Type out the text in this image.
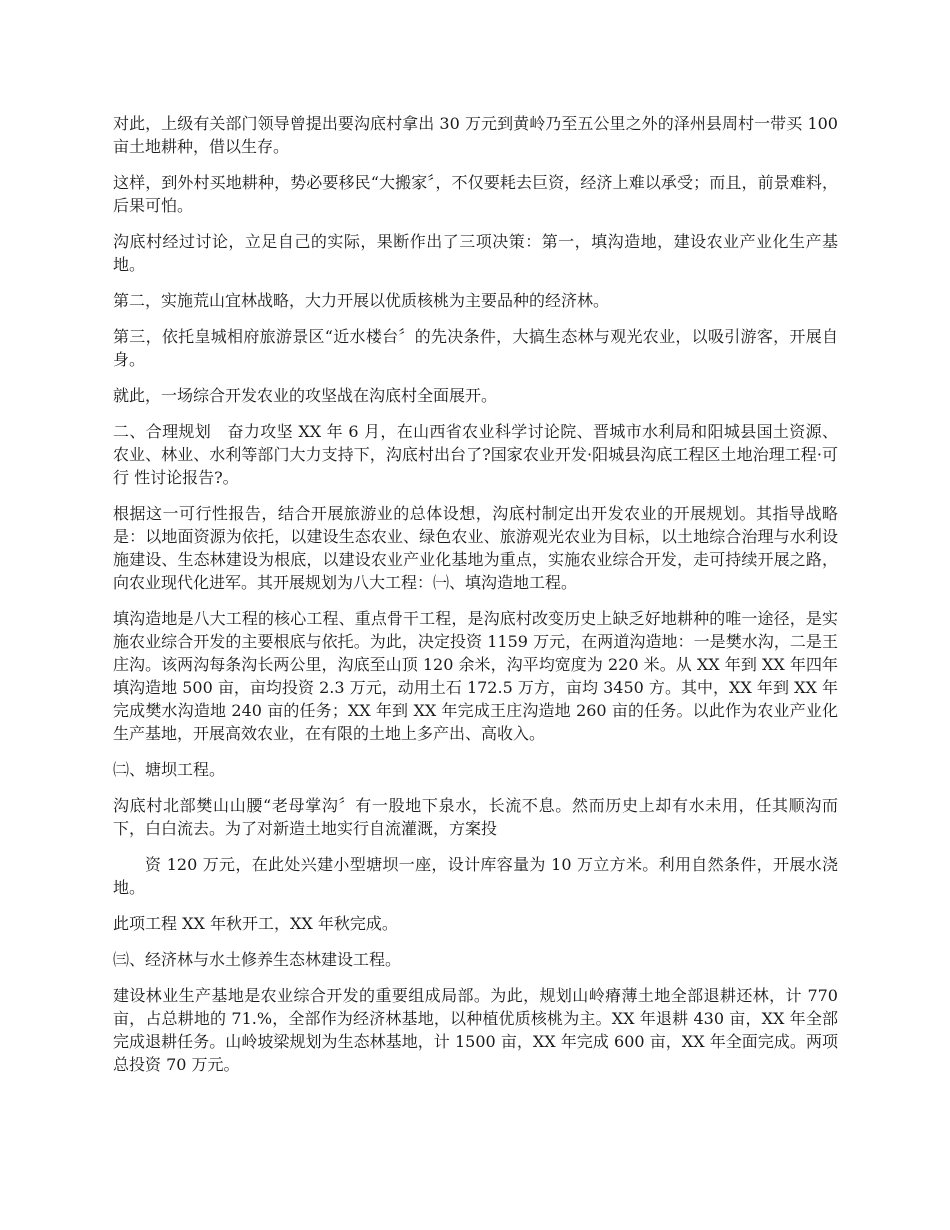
对此，上级有关部门领导曾提出要沟底村拿出 30 万元到黄岭乃至五公里之外的泽州县周村一带买 100 亩土地耕种，借以生存。

这样，到外村买地耕种，势必要移民“大搬家〞，不仅要耗去巨资，经济上难以承受；而且，前景难料，后果可怕。

沟底村经过讨论，立足自己的实际，果断作出了三项决策：第一，填沟造地，建设农业产业化生产基地。

第二，实施荒山宜林战略，大力开展以优质核桃为主要品种的经济林。

第三，依托皇城相府旅游景区“近水楼台〞的先决条件，大搞生态林与观光农业，以吸引游客，开展自身。

就此，一场综合开发农业的攻坚战在沟底村全面展开。

二、合理规划　奋力攻坚 XX 年 6 月，在山西省农业科学讨论院、晋城市水利局和阳城县国土资源、农业、林业、水利等部门大力支持下，沟底村出台了?国家农业开发·阳城县沟底工程区土地治理工程·可行 性讨论报告?。

根据这一可行性报告，结合开展旅游业的总体设想，沟底村制定出开发农业的开展规划。其指导战略是：以地面资源为依托，以建设生态农业、绿色农业、旅游观光农业为目标，以土地综合治理与水利设施建设、生态林建设为根底，以建设农业产业化基地为重点，实施农业综合开发，走可持续开展之路，向农业现代化进军。其开展规划为八大工程：㈠、填沟造地工程。

填沟造地是八大工程的核心工程、重点骨干工程，是沟底村改变历史上缺乏好地耕种的唯一途径，是实施农业综合开发的主要根底与依托。为此，决定投资 1159 万元，在两道沟造地：一是樊水沟，二是王庄沟。该两沟每条沟长两公里，沟底至山顶 120 余米，沟平均宽度为 220 米。从 XX 年到 XX 年四年填沟造地 500 亩，亩均投资 2.3 万元，动用土石 172.5 万方，亩均 3450 方。其中，XX 年到 XX 年完成樊水沟造地 240 亩的任务；XX 年到 XX 年完成王庄沟造地 260 亩的任务。以此作为农业产业化生产基地，开展高效农业，在有限的土地上多产出、高收入。

㈡、塘坝工程。

沟底村北部樊山山腰“老母掌沟〞有一股地下泉水，长流不息。然而历史上却有水未用，任其顺沟而下，白白流去。为了对新造土地实行自流灌溉，方案投

资 120 万元，在此处兴建小型塘坝一座，设计库容量为 10 万立方米。利用自然条件，开展水浇地。

此项工程 XX 年秋开工，XX 年秋完成。

㈢、经济林与水土修养生态林建设工程。

建设林业生产基地是农业综合开发的重要组成局部。为此，规划山岭瘠薄土地全部退耕还林，计 770 亩，占总耕地的 71.%，全部作为经济林基地，以种植优质核桃为主。XX 年退耕 430 亩，XX 年全部完成退耕任务。山岭坡梁规划为生态林基地，计 1500 亩，XX 年完成 600 亩，XX 年全面完成。两项总投资 70 万元。
